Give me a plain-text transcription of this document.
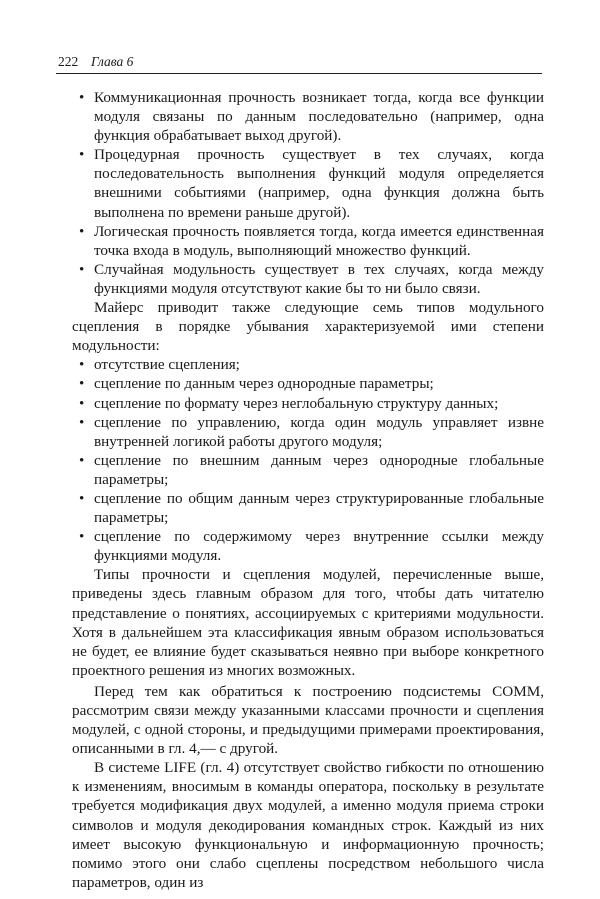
222 Глава 6
• Коммуникационная прочность возникает тогда, когда все функции модуля связаны по данным последовательно (например, одна функция обрабатывает выход другой).
• Процедурная прочность существует в тех случаях, когда последовательность выполнения функций модуля определяется внешними событиями (например, одна функция должна быть выполнена по времени раньше другой).
• Логическая прочность появляется тогда, когда имеется единственная точка входа в модуль, выполняющий множество функций.
• Случайная модульность существует в тех случаях, когда между функциями модуля отсутствуют какие бы то ни было связи.

Майерс приводит также следующие семь типов модульного сцепления в порядке убывания характеризуемой ими степени модульности:

• отсутствие сцепления;
• сцепление по данным через однородные параметры;
• сцепление по формату через неглобальную структуру данных;
• сцепление по управлению, когда один модуль управляет извне внутренней логикой работы другого модуля;
• сцепление по внешним данным через однородные глобальные параметры;
• сцепление по общим данным через структурированные глобальные параметры;
• сцепление по содержимому через внутренние ссылки между функциями модуля.

Типы прочности и сцепления модулей, перечисленные выше, приведены здесь главным образом для того, чтобы дать читателю представление о понятиях, ассоциируемых с критериями модульности. Хотя в дальнейшем эта классификация явным образом использоваться не будет, ее влияние будет сказываться неявно при выборе конкретного проектного решения из многих возможных.

Перед тем как обратиться к построению подсистемы COMM, рассмотрим связи между указанными классами прочности и сцепления модулей, с одной стороны, и предыдущими примерами проектирования, описанными в гл. 4,— с другой.

В системе LIFE (гл. 4) отсутствует свойство гибкости по отношению к изменениям, вносимым в команды оператора, поскольку в результате требуется модификация двух модулей, а именно модуля приема строки символов и модуля декодирования командных строк. Каждый из них имеет высокую функциональную и информационную прочность; помимо этого они слабо сцеплены посредством небольшого числа параметров, один из
